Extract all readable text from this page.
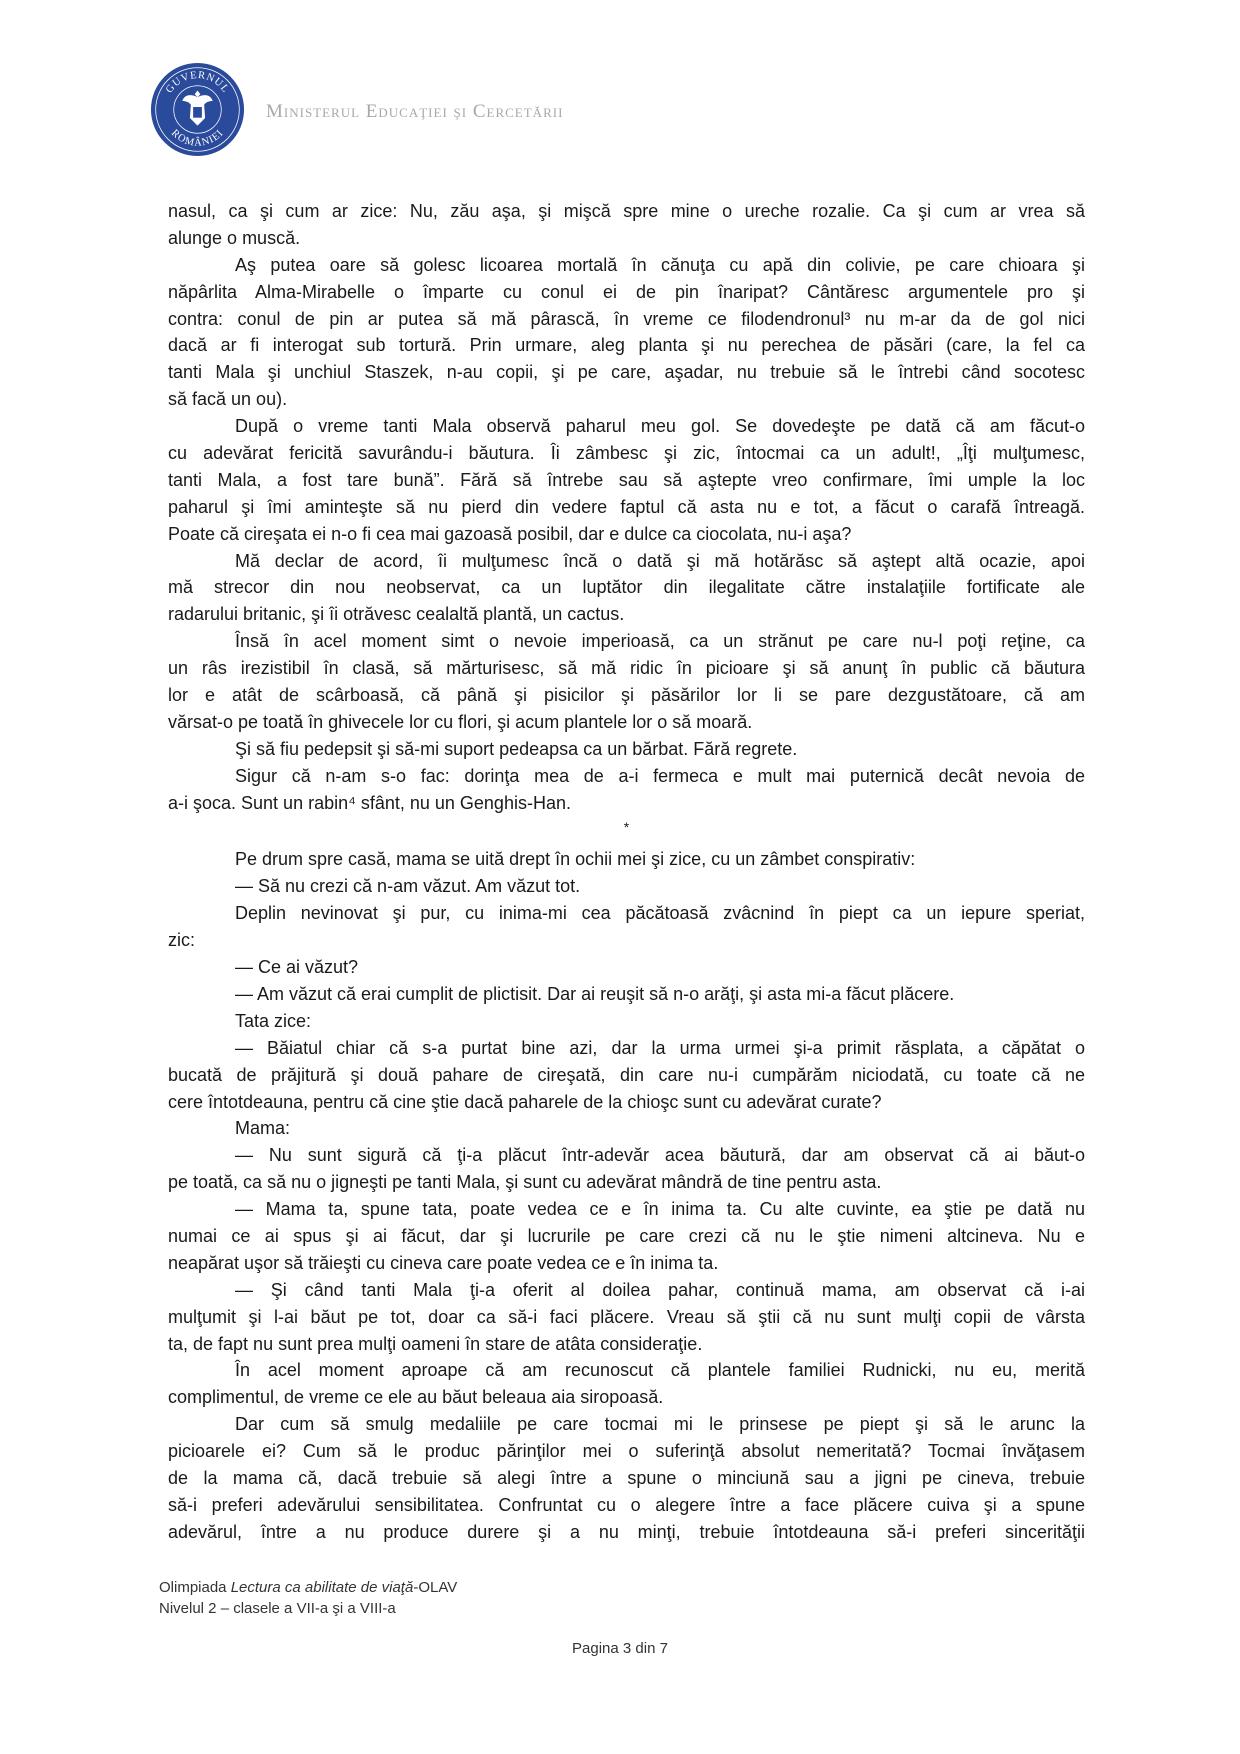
GUVERNUL
ROMÂNIEI
Ministerul Educaţiei şi Cercetării
nasul, ca şi cum ar zice: Nu, zău aşa, şi mişcă spre mine o ureche rozalie. Ca şi cum ar vrea să
alunge o muscă.
Aş putea oare să golesc licoarea mortală în cănuţa cu apă din colivie, pe care chioara şi
năpârlita Alma-Mirabelle o împarte cu conul ei de pin înaripat? Cântăresc argumentele pro şi
contra: conul de pin ar putea să mă pârască, în vreme ce filodendronul³ nu m-ar da de gol nici
dacă ar fi interogat sub tortură. Prin urmare, aleg planta şi nu perechea de păsări (care, la fel ca
tanti Mala şi unchiul Staszek, n-au copii, şi pe care, aşadar, nu trebuie să le întrebi când socotesc
să facă un ou).
După o vreme tanti Mala observă paharul meu gol. Se dovedeşte pe dată că am făcut-o
cu adevărat fericită savurându-i băutura. Îi zâmbesc şi zic, întocmai ca un adult!, „Îţi mulţumesc,
tanti Mala, a fost tare bună”. Fără să întrebe sau să aştepte vreo confirmare, îmi umple la loc
paharul şi îmi aminteşte să nu pierd din vedere faptul că asta nu e tot, a făcut o carafă întreagă.
Poate că cireşata ei n-o fi cea mai gazoasă posibil, dar e dulce ca ciocolata, nu-i aşa?
Mă declar de acord, îi mulţumesc încă o dată şi mă hotărăsc să aştept altă ocazie, apoi
mă strecor din nou neobservat, ca un luptător din ilegalitate către instalaţiile fortificate ale
radarului britanic, şi îi otrăvesc cealaltă plantă, un cactus.
Însă în acel moment simt o nevoie imperioasă, ca un strănut pe care nu-l poţi reţine, ca
un râs irezistibil în clasă, să mărturisesc, să mă ridic în picioare şi să anunţ în public că băutura
lor e atât de scârboasă, că până şi pisicilor şi păsărilor lor li se pare dezgustătoare, că am
vărsat-o pe toată în ghivecele lor cu flori, şi acum plantele lor o să moară.
Şi să fiu pedepsit şi să-mi suport pedeapsa ca un bărbat. Fără regrete.
Sigur că n-am s-o fac: dorinţa mea de a-i fermeca e mult mai puternică decât nevoia de
a-i şoca. Sunt un rabin⁴ sfânt, nu un Genghis-Han.
*
Pe drum spre casă, mama se uită drept în ochii mei şi zice, cu un zâmbet conspirativ:
— Să nu crezi că n-am văzut. Am văzut tot.
Deplin nevinovat şi pur, cu inima-mi cea păcătoasă zvâcnind în piept ca un iepure speriat,
zic:
— Ce ai văzut?
— Am văzut că erai cumplit de plictisit. Dar ai reuşit să n-o arăţi, şi asta mi-a făcut plăcere.
Tata zice:
— Băiatul chiar că s-a purtat bine azi, dar la urma urmei şi-a primit răsplata, a căpătat o
bucată de prăjitură şi două pahare de cireşată, din care nu-i cumpărăm niciodată, cu toate că ne
cere întotdeauna, pentru că cine ştie dacă paharele de la chioşc sunt cu adevărat curate?
Mama:
— Nu sunt sigură că ţi-a plăcut într-adevăr acea băutură, dar am observat că ai băut-o
pe toată, ca să nu o jigneşti pe tanti Mala, şi sunt cu adevărat mândră de tine pentru asta.
— Mama ta, spune tata, poate vedea ce e în inima ta. Cu alte cuvinte, ea ştie pe dată nu
numai ce ai spus şi ai făcut, dar şi lucrurile pe care crezi că nu le ştie nimeni altcineva. Nu e
neapărat uşor să trăieşti cu cineva care poate vedea ce e în inima ta.
— Şi când tanti Mala ţi-a oferit al doilea pahar, continuă mama, am observat că i-ai
mulţumit şi l-ai băut pe tot, doar ca să-i faci plăcere. Vreau să ştii că nu sunt mulţi copii de vârsta
ta, de fapt nu sunt prea mulţi oameni în stare de atâta consideraţie.
În acel moment aproape că am recunoscut că plantele familiei Rudnicki, nu eu, merită
complimentul, de vreme ce ele au băut beleaua aia siropoasă.
Dar cum să smulg medaliile pe care tocmai mi le prinsese pe piept şi să le arunc la
picioarele ei? Cum să le produc părinţilor mei o suferinţă absolut nemeritată? Tocmai învăţasem
de la mama că, dacă trebuie să alegi între a spune o minciună sau a jigni pe cineva, trebuie
să-i preferi adevărului sensibilitatea. Confruntat cu o alegere între a face plăcere cuiva şi a spune
adevărul, între a nu produce durere şi a nu minţi, trebuie întotdeauna să-i preferi sincerităţii
Olimpiada Lectura ca abilitate de viaţă-OLAV
Nivelul 2 – clasele a VII-a şi a VIII-a
Pagina 3 din 7
